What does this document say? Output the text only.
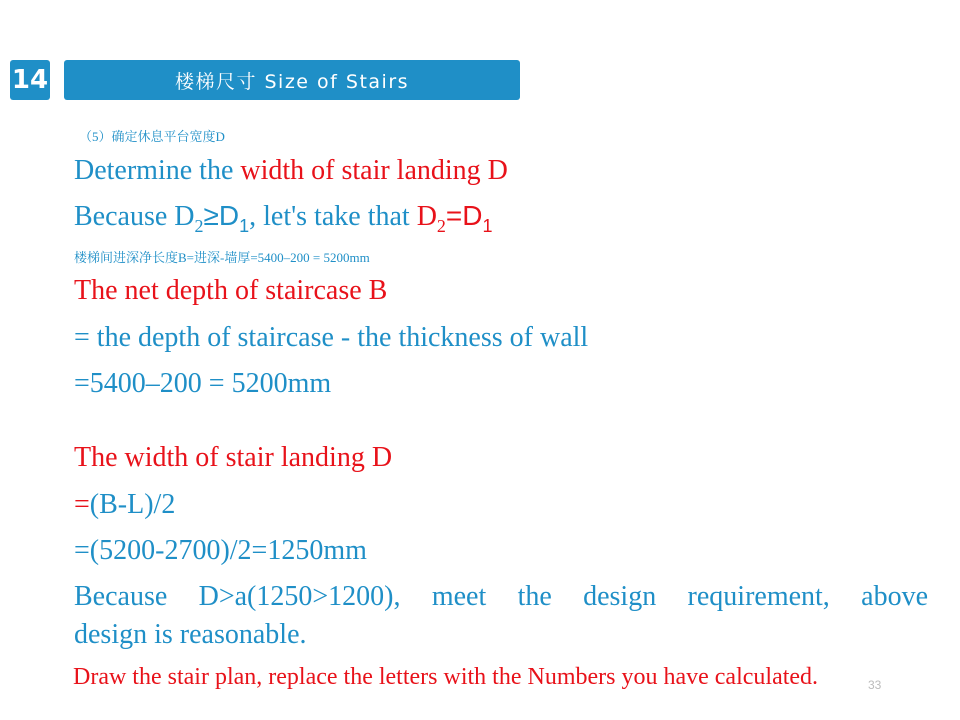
14	楼梯尺寸 Size of Stairs
（5）确定休息平台宽度D
Determine the width of stair landing D
Because $D_2\ge D_1$, let's take that $D_2=D_1$
楼梯间进深净长度B=进深-墙厚=5400–200 = 5200mm
The net depth of staircase B
= the depth of staircase - the thickness of wall
=5400–200 = 5200mm
The width of stair landing D
=(B-L)/2
=(5200-2700)/2=1250mm
Because D>a(1250>1200), meet the design requirement, above
design is reasonable.
33
Draw the stair plan, replace the letters with the Numbers you have calculated.
